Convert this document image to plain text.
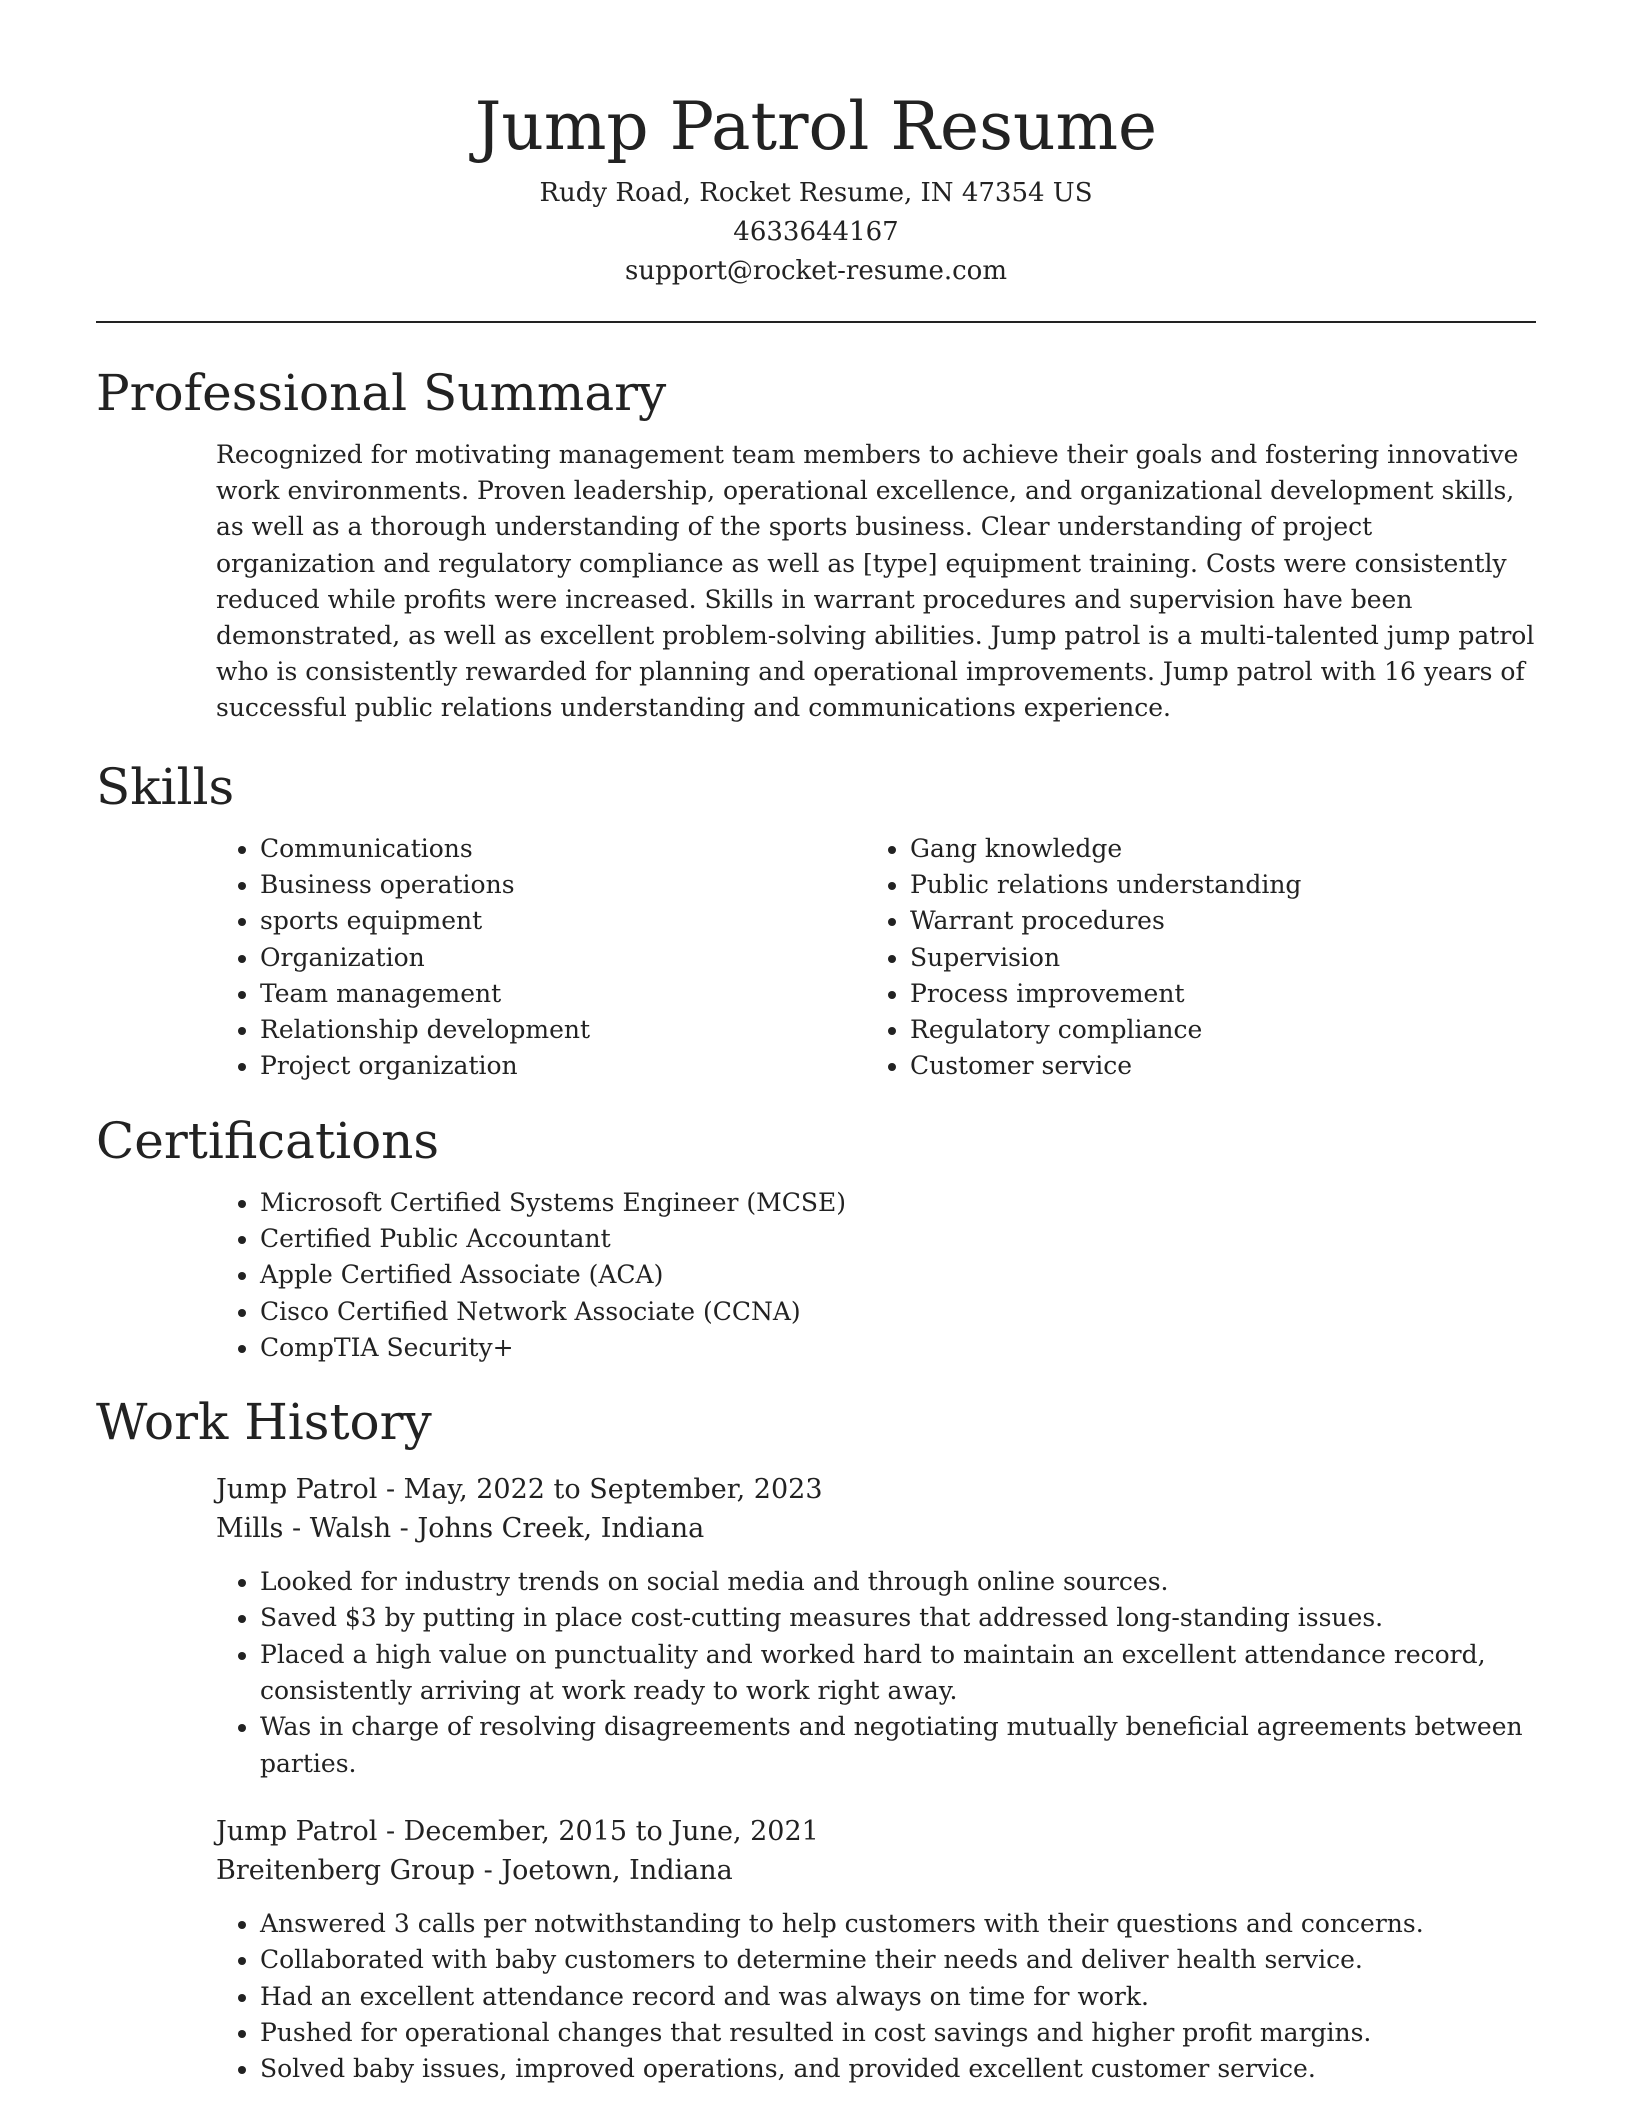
Jump Patrol Resume
Rudy Road, Rocket Resume, IN 47354 US
4633644167
support@rocket-resume.com
Professional Summary

Recognized for motivating management team members to achieve their goals and fostering innovative work environments. Proven leadership, operational excellence, and organizational development skills, as well as a thorough understanding of the sports business. Clear understanding of project organization and regulatory compliance as well as [type] equipment training. Costs were consistently reduced while profits were increased. Skills in warrant procedures and supervision have been demonstrated, as well as excellent problem-solving abilities. Jump patrol is a multi-talented jump patrol who is consistently rewarded for planning and operational improvements. Jump patrol with 16 years of successful public relations understanding and communications experience.

Skills
• Communications
• Business operations
• sports equipment
• Organization
• Team management
• Relationship development
• Project organization
• Gang knowledge
• Public relations understanding
• Warrant procedures
• Supervision
• Process improvement
• Regulatory compliance
• Customer service
Certifications
• Microsoft Certified Systems Engineer (MCSE)
• Certified Public Accountant
• Apple Certified Associate (ACA)
• Cisco Certified Network Associate (CCNA)
• CompTIA Security+
Work History
Jump Patrol - May, 2022 to September, 2023
Mills - Walsh - Johns Creek, Indiana
• Looked for industry trends on social media and through online sources.
• Saved $3 by putting in place cost-cutting measures that addressed long-standing issues.
• Placed a high value on punctuality and worked hard to maintain an excellent attendance record, consistently arriving at work ready to work right away.
• Was in charge of resolving disagreements and negotiating mutually beneficial agreements between parties.
Jump Patrol - December, 2015 to June, 2021
Breitenberg Group - Joetown, Indiana
• Answered 3 calls per notwithstanding to help customers with their questions and concerns.
• Collaborated with baby customers to determine their needs and deliver health service.
• Had an excellent attendance record and was always on time for work.
• Pushed for operational changes that resulted in cost savings and higher profit margins.
• Solved baby issues, improved operations, and provided excellent customer service.
